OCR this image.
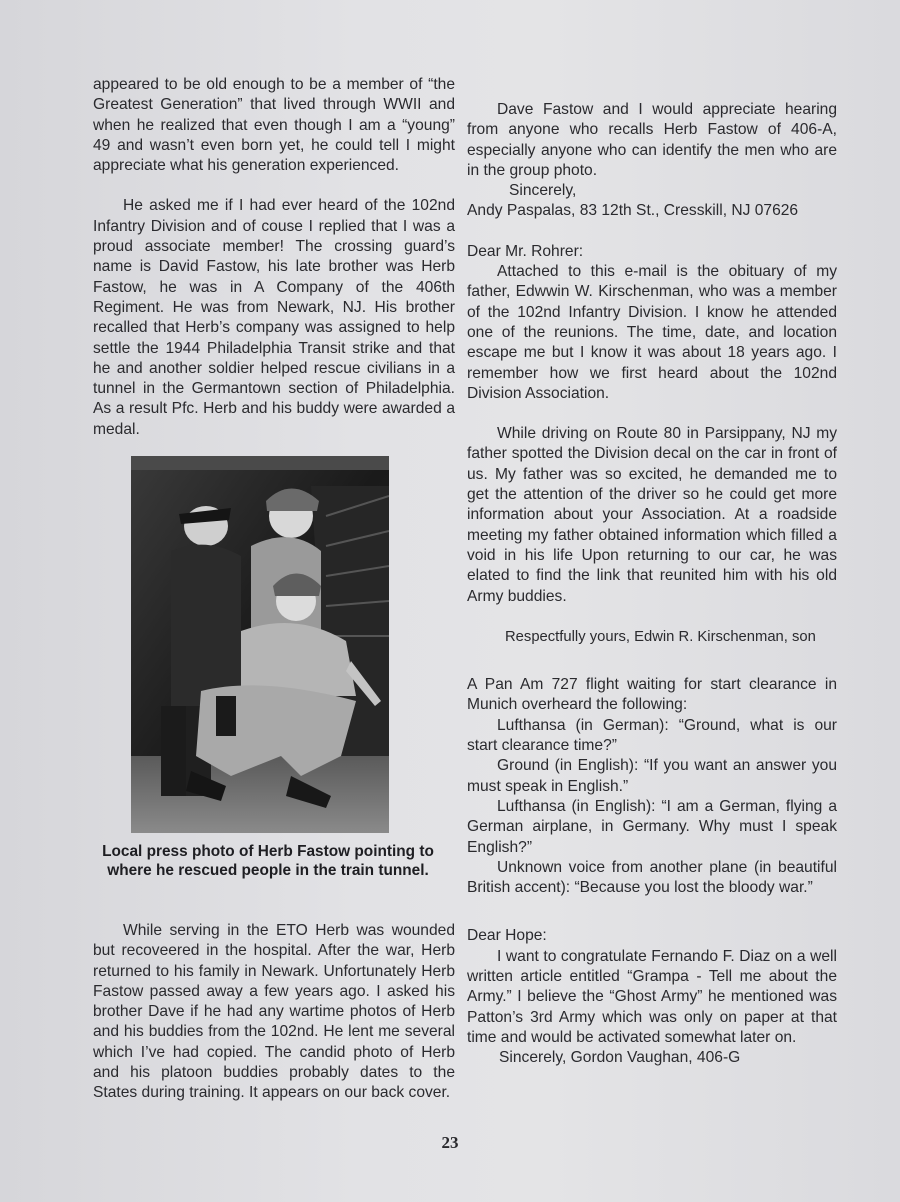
appeared to be old enough to be a member of “the Greatest Generation” that lived through WWII and when he realized that even though I am a “young” 49 and wasn’t even born yet, he could tell I might appreciate what his generation experienced.

He asked me if I had ever heard of the 102nd Infantry Division and of couse I replied that I was a proud associate member! The crossing guard’s name is David Fastow, his late brother was Herb Fastow, he was in A Company of the 406th Regiment. He was from Newark, NJ. His brother recalled that Herb’s company was assigned to help settle the 1944 Philadelphia Transit strike and that he and another soldier helped rescue civilians in a tunnel in the Germantown section of Philadelphia. As a result Pfc. Herb and his buddy were awarded a medal.

Local press photo of Herb Fastow pointing to where he rescued people in the train tunnel.

While serving in the ETO Herb was wounded but recoveered in the hospital. After the war, Herb returned to his family in Newark. Unfortunately Herb Fastow passed away a few years ago. I asked his brother Dave if he had any wartime photos of Herb and his buddies from the 102nd. He lent me several which I’ve had copied. The candid photo of Herb and his platoon buddies probably dates to the States during training. It appears on our back cover.

Dave Fastow and I would appreciate hearing from anyone who recalls Herb Fastow of 406-A, especially anyone who can identify the men who are in the group photo.

Sincerely,

Andy Paspalas, 83 12th St., Cresskill, NJ 07626

Dear Mr. Rohrer:

Attached to this e-mail is the obituary of my father, Edwwin W. Kirschenman, who was a member of the 102nd Infantry Division. I know he attended one of the reunions. The time, date, and location escape me but I know it was about 18 years ago. I remember how we first heard about the 102nd Division Association.

While driving on Route 80 in Parsippany, NJ my father spotted the Division decal on the car in front of us. My father was so excited, he demanded me to get the attention of the driver so he could get more information about your Association. At a roadside meeting my father obtained information which filled a void in his life Upon returning to our car, he was elated to find the link that reunited him with his old Army buddies.

Respectfully yours, Edwin R. Kirschenman, son

A Pan Am 727 flight waiting for start clearance in Munich overheard the following:

Lufthansa (in German): “Ground, what is our start clearance time?”

Ground (in English): “If you want an answer you must speak in English.”

Lufthansa (in English): “I am a German, flying a German airplane, in Germany. Why must I speak English?”

Unknown voice from another plane (in beautiful British accent): “Because you lost the bloody war.”

Dear Hope:

I want to congratulate Fernando F. Diaz on a well written article entitled “Grampa - Tell me about the Army.” I believe the “Ghost Army” he mentioned was Patton’s 3rd Army which was only on paper at that time and would be activated somewhat later on.

Sincerely, Gordon Vaughan, 406-G

23
